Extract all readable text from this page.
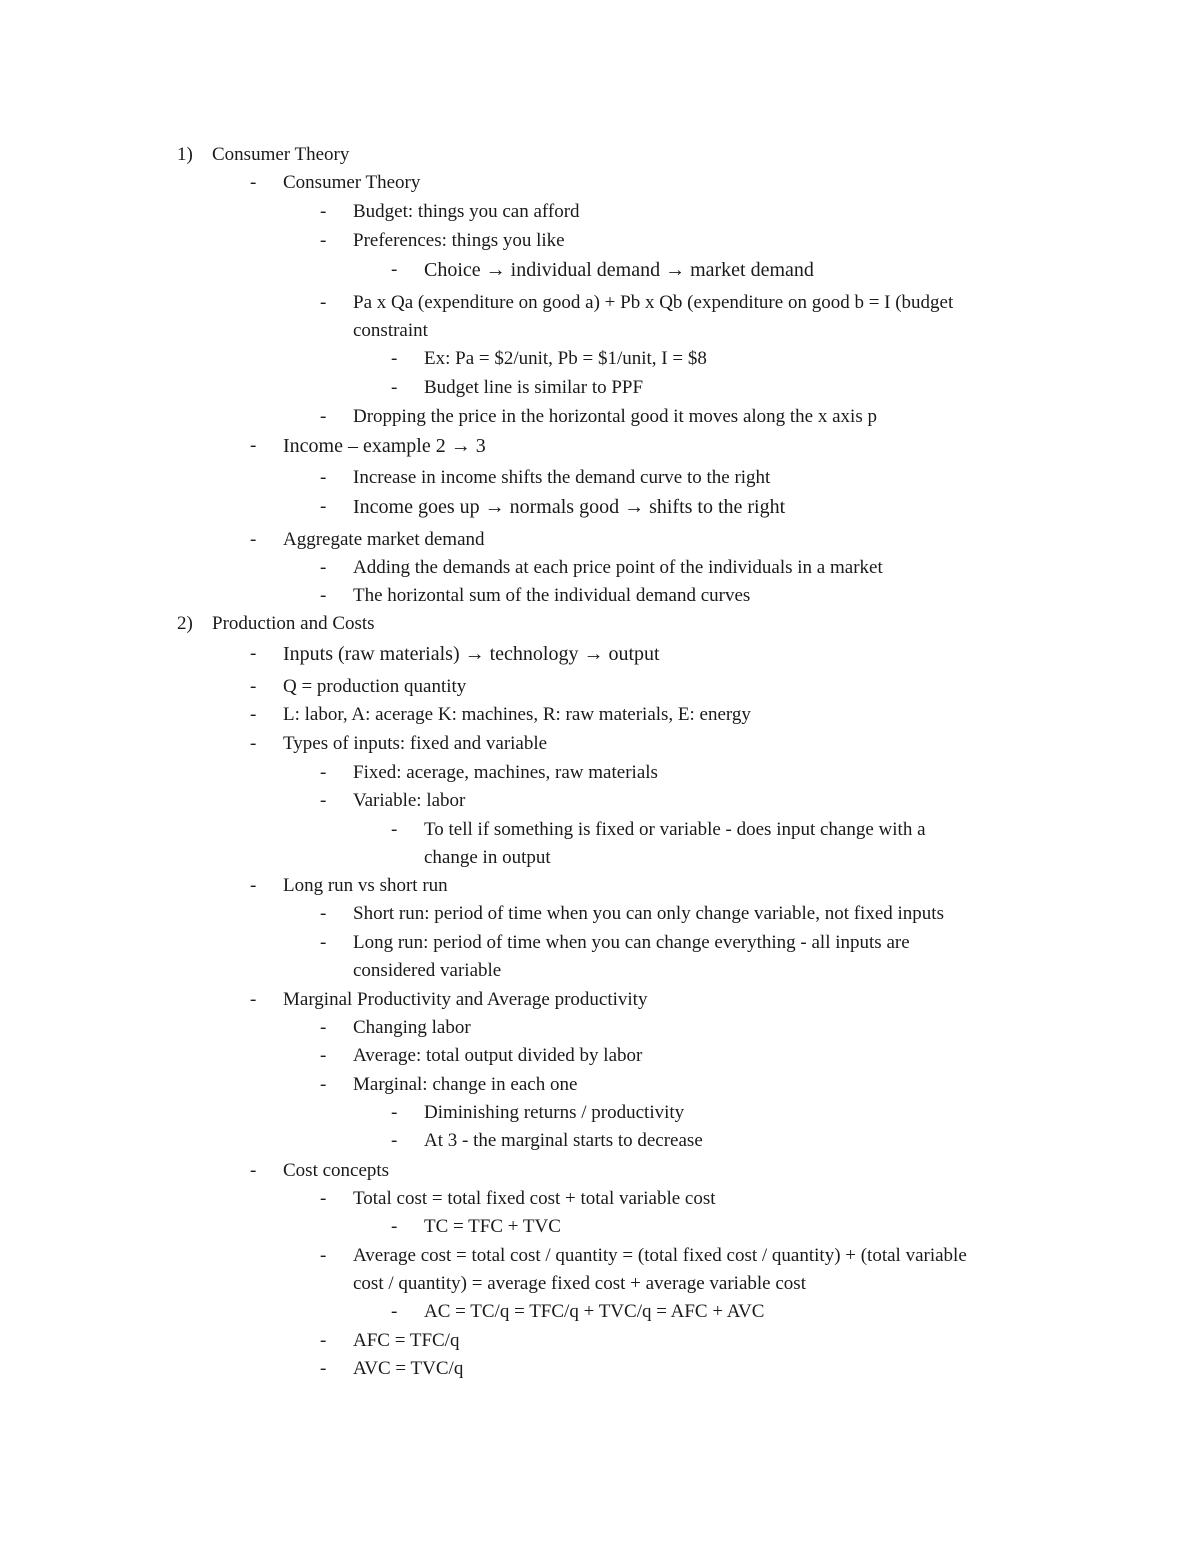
1) Consumer Theory
- Consumer Theory
- Budget: things you can afford
- Preferences: things you like
- Choice → individual demand → market demand
- Pa x Qa (expenditure on good a) + Pb x Qb (expenditure on good b = I (budget
constraint
- Ex: Pa = $2/unit, Pb = $1/unit, I = $8
- Budget line is similar to PPF
- Dropping the price in the horizontal good it moves along the x axis p
- Income – example 2 → 3
- Increase in income shifts the demand curve to the right
- Income goes up → normals good → shifts to the right
- Aggregate market demand
- Adding the demands at each price point of the individuals in a market
- The horizontal sum of the individual demand curves
2) Production and Costs
- Inputs (raw materials) → technology → output
- Q = production quantity
- L: labor, A: acerage K: machines, R: raw materials, E: energy
- Types of inputs: fixed and variable
- Fixed: acerage, machines, raw materials
- Variable: labor
- To tell if something is fixed or variable - does input change with a
change in output
- Long run vs short run
- Short run: period of time when you can only change variable, not fixed inputs
- Long run: period of time when you can change everything - all inputs are
considered variable
- Marginal Productivity and Average productivity
- Changing labor
- Average: total output divided by labor
- Marginal: change in each one
- Diminishing returns / productivity
- At 3 - the marginal starts to decrease
- Cost concepts
- Total cost = total fixed cost + total variable cost
- TC = TFC + TVC
- Average cost = total cost / quantity = (total fixed cost / quantity) + (total variable
cost / quantity) = average fixed cost + average variable cost
- AC = TC/q = TFC/q + TVC/q = AFC + AVC
- AFC = TFC/q
- AVC = TVC/q
